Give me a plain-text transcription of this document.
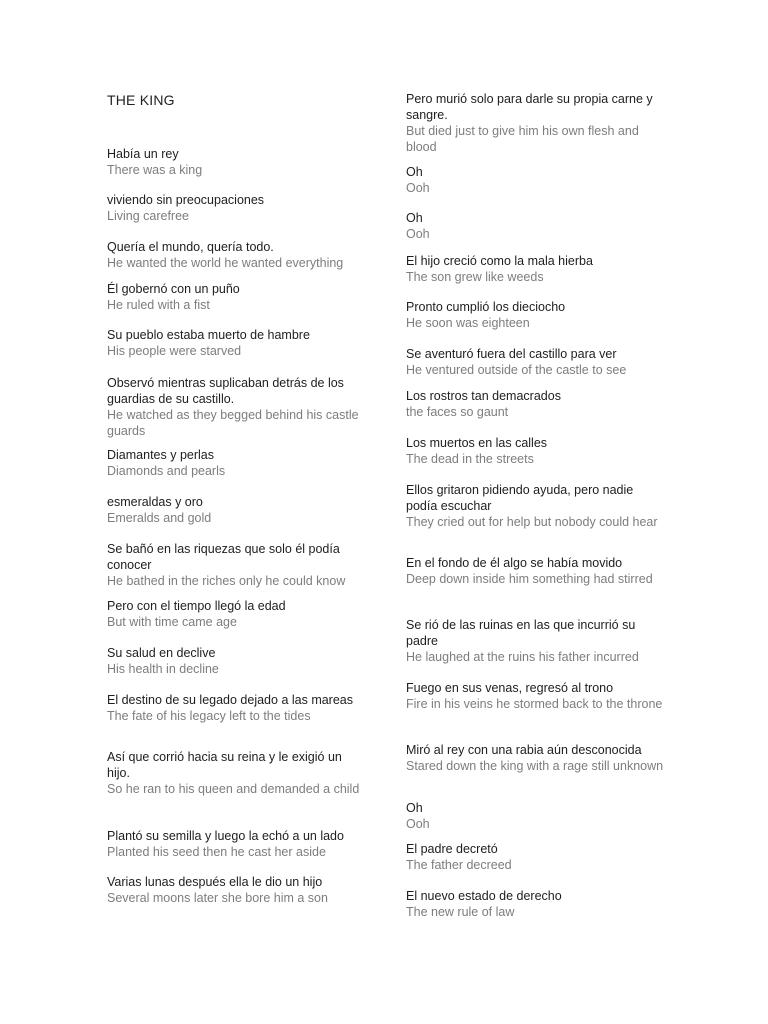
THE KING
Había un rey
There was a king
viviendo sin preocupaciones
Living carefree
Quería el mundo, quería todo.
He wanted the world he wanted everything
Él gobernó con un puño
He ruled with a fist
Su pueblo estaba muerto de hambre
His people were starved
Observó mientras suplicaban detrás de los guardias de su castillo.
He watched as they begged behind his castle guards
Diamantes y perlas
Diamonds and pearls
esmeraldas y oro
Emeralds and gold
Se bañó en las riquezas que solo él podía conocer
He bathed in the riches only he could know
Pero con el tiempo llegó la edad
But with time came age
Su salud en declive
His health in decline
El destino de su legado dejado a las mareas
The fate of his legacy left to the tides
Así que corrió hacia su reina y le exigió un hijo.
So he ran to his queen and demanded a child
Plantó su semilla y luego la echó a un lado
Planted his seed then he cast her aside
Varias lunas después ella le dio un hijo
Several moons later she bore him a son
Pero murió solo para darle su propia carne y sangre.
But died just to give him his own flesh and blood
Oh
Ooh
Oh
Ooh
El hijo creció como la mala hierba
The son grew like weeds
Pronto cumplió los dieciocho
He soon was eighteen
Se aventuró fuera del castillo para ver
He ventured outside of the castle to see
Los rostros tan demacrados
the faces so gaunt
Los muertos en las calles
The dead in the streets
Ellos gritaron pidiendo ayuda, pero nadie podía escuchar
They cried out for help but nobody could hear
En el fondo de él algo se había movido
Deep down inside him something had stirred
Se rió de las ruinas en las que incurrió su padre
He laughed at the ruins his father incurred
Fuego en sus venas, regresó al trono
Fire in his veins he stormed back to the throne
Miró al rey con una rabia aún desconocida
Stared down the king with a rage still unknown
Oh
Ooh
El padre decretó
The father decreed
El nuevo estado de derecho
The new rule of law
